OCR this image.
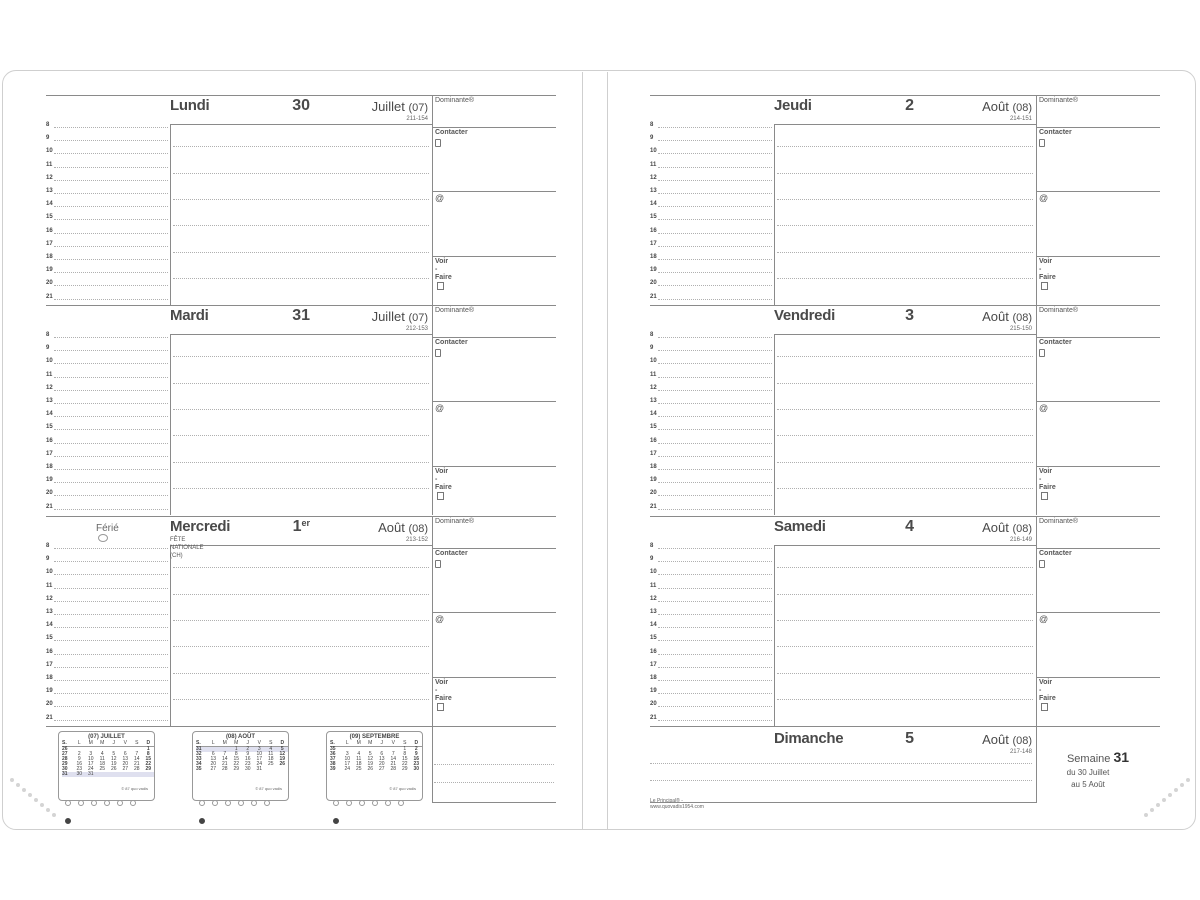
8
9
10
11
12
13
14
15
16
17
18
19
20
21
Lundi	30	Juillet (07)
211-154
Dominante®
Contacter
@
Voir - Faire
8
9
10
11
12
13
14
15
16
17
18
19
20
21
Mardi	31	Juillet (07)
212-153
Dominante®
Contacter
@
Voir - Faire
8
9
10
11
12
13
14
15
16
17
18
19
20
21
Mercredi	1er	Août (08)
213-152
FÊTE NATIONALE (CH)
Férié
Dominante®
Contacter
@
Voir - Faire
8
9
10
11
12
13
14
15
16
17
18
19
20
21
Jeudi	2	Août (08)
214-151
Dominante®
Contacter
@
Voir - Faire
8
9
10
11
12
13
14
15
16
17
18
19
20
21
Vendredi	3	Août (08)
215-150
Dominante®
Contacter
@
Voir - Faire
8
9
10
11
12
13
14
15
16
17
18
19
20
21
Samedi	4	Août (08)
216-149
Dominante®
Contacter
@
Voir - Faire
Dimanche	5	Août (08)
217-148
Semaine 31
du 30 Juillet
au 5 Août
Le Principal® - www.quovadis1954.com
(07) JUILLET
S.	L	M	M	J	V	S	D
26							1
27	2	3	4	5	6	7	8
28	9	10	11	12	13	14	15
29	16	17	18	19	20	21	22
30	23	24	25	26	27	28	29
31	30	31					
© 87 quo vadis
(08) AOÛT
S.	L	M	M	J	V	S	D
31			1	2	3	4	5
32	6	7	8	9	10	11	12
33	13	14	15	16	17	18	19
34	20	21	22	23	24	25	26
35	27	28	29	30	31		
© 87 quo vadis
(09) SEPTEMBRE
S.	L	M	M	J	V	S	D
35						1	2
36	3	4	5	6	7	8	9
37	10	11	12	13	14	15	16
38	17	18	19	20	21	22	23
39	24	25	26	27	28	29	30
© 87 quo vadis
